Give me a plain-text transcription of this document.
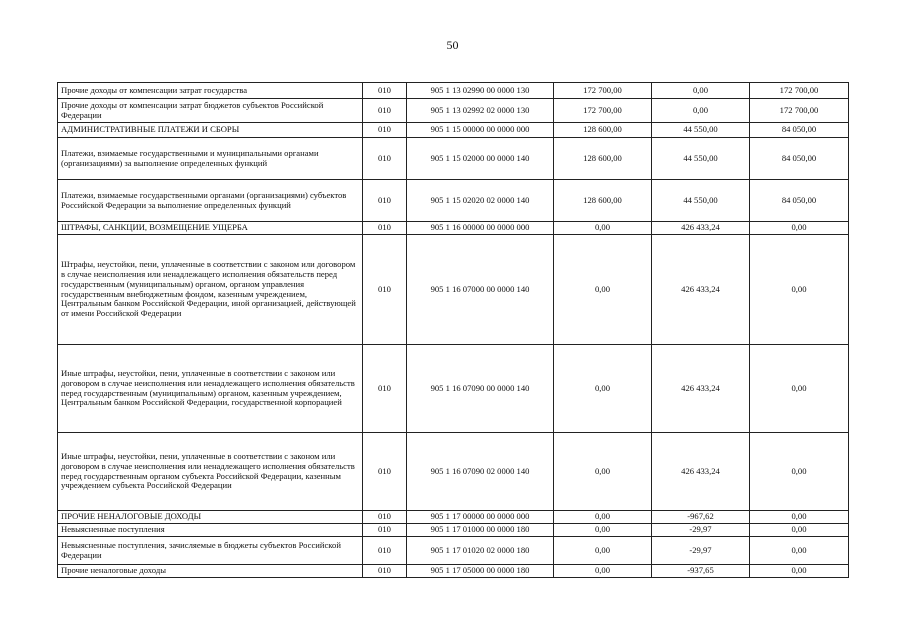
50
Прочие доходы от компенсации затрат государства	010	905 1 13 02990 00 0000 130	172 700,00	0,00	172 700,00
Прочие доходы от компенсации затрат бюджетов субъектов Российской Федерации	010	905 1 13 02992 02 0000 130	172 700,00	0,00	172 700,00
АДМИНИСТРАТИВНЫЕ ПЛАТЕЖИ И СБОРЫ	010	905 1 15 00000 00 0000 000	128 600,00	44 550,00	84 050,00
Платежи, взимаемые государственными и муниципальными органами (организациями) за выполнение определенных функций	010	905 1 15 02000 00 0000 140	128 600,00	44 550,00	84 050,00
Платежи, взимаемые государственными органами (организациями) субъектов Российской Федерации за выполнение определенных функций	010	905 1 15 02020 02 0000 140	128 600,00	44 550,00	84 050,00
ШТРАФЫ, САНКЦИИ, ВОЗМЕЩЕНИЕ УЩЕРБА	010	905 1 16 00000 00 0000 000	0,00	426 433,24	0,00
Штрафы, неустойки, пени, уплаченные в соответствии с законом или договором в случае неисполнения или ненадлежащего исполнения обязательств перед государственным (муниципальным) органом, органом управления государственным внебюджетным фондом, казенным учреждением, Центральным банком Российской Федерации, иной организацией, действующей от имени Российской Федерации	010	905 1 16 07000 00 0000 140	0,00	426 433,24	0,00
Иные штрафы, неустойки, пени, уплаченные в соответствии с законом или договором в случае неисполнения или ненадлежащего исполнения обязательств перед государственным (муниципальным) органом, казенным учреждением, Центральным банком Российской Федерации, государственной корпорацией	010	905 1 16 07090 00 0000 140	0,00	426 433,24	0,00
Иные штрафы, неустойки, пени, уплаченные в соответствии с законом или договором в случае неисполнения или ненадлежащего исполнения обязательств перед государственным органом субъекта Российской Федерации, казенным учреждением субъекта Российской Федерации	010	905 1 16 07090 02 0000 140	0,00	426 433,24	0,00
ПРОЧИЕ НЕНАЛОГОВЫЕ ДОХОДЫ	010	905 1 17 00000 00 0000 000	0,00	-967,62	0,00
Невыясненные поступления	010	905 1 17 01000 00 0000 180	0,00	-29,97	0,00
Невыясненные поступления, зачисляемые в бюджеты субъектов Российской Федерации	010	905 1 17 01020 02 0000 180	0,00	-29,97	0,00
Прочие неналоговые доходы	010	905 1 17 05000 00 0000 180	0,00	-937,65	0,00
